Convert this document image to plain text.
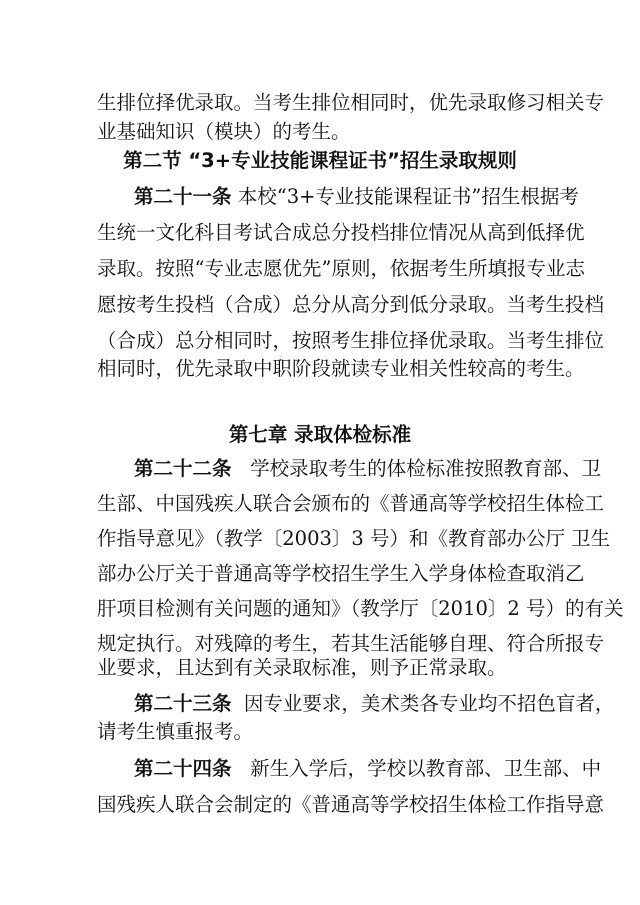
生排位择优录取。当考生排位相同时，优先录取修习相关专
业基础知识（模块）的考生。
第二节 “3+专业技能课程证书”招生录取规则
第二十一条 本校“3+专业技能课程证书”招生根据考
生统一文化科目考试合成总分投档排位情况从高到低择优
录取。按照“专业志愿优先”原则，依据考生所填报专业志
愿按考生投档（合成）总分从高分到低分录取。当考生投档
（合成）总分相同时，按照考生排位择优录取。当考生排位
相同时，优先录取中职阶段就读专业相关性较高的考生。
第七章 录取体检标准
第二十二条 学校录取考生的体检标准按照教育部、卫
生部、中国残疾人联合会颁布的《普通高等学校招生体检工
作指导意见》（教学〔2003〕3 号）和《教育部办公厅 卫生
部办公厅关于普通高等学校招生学生入学身体检查取消乙
肝项目检测有关问题的通知》（教学厅〔2010〕2 号）的有关
规定执行。对残障的考生，若其生活能够自理、符合所报专
业要求，且达到有关录取标准，则予正常录取。
第二十三条 因专业要求，美术类各专业均不招色盲者，
请考生慎重报考。
第二十四条 新生入学后，学校以教育部、卫生部、中
国残疾人联合会制定的《普通高等学校招生体检工作指导意
